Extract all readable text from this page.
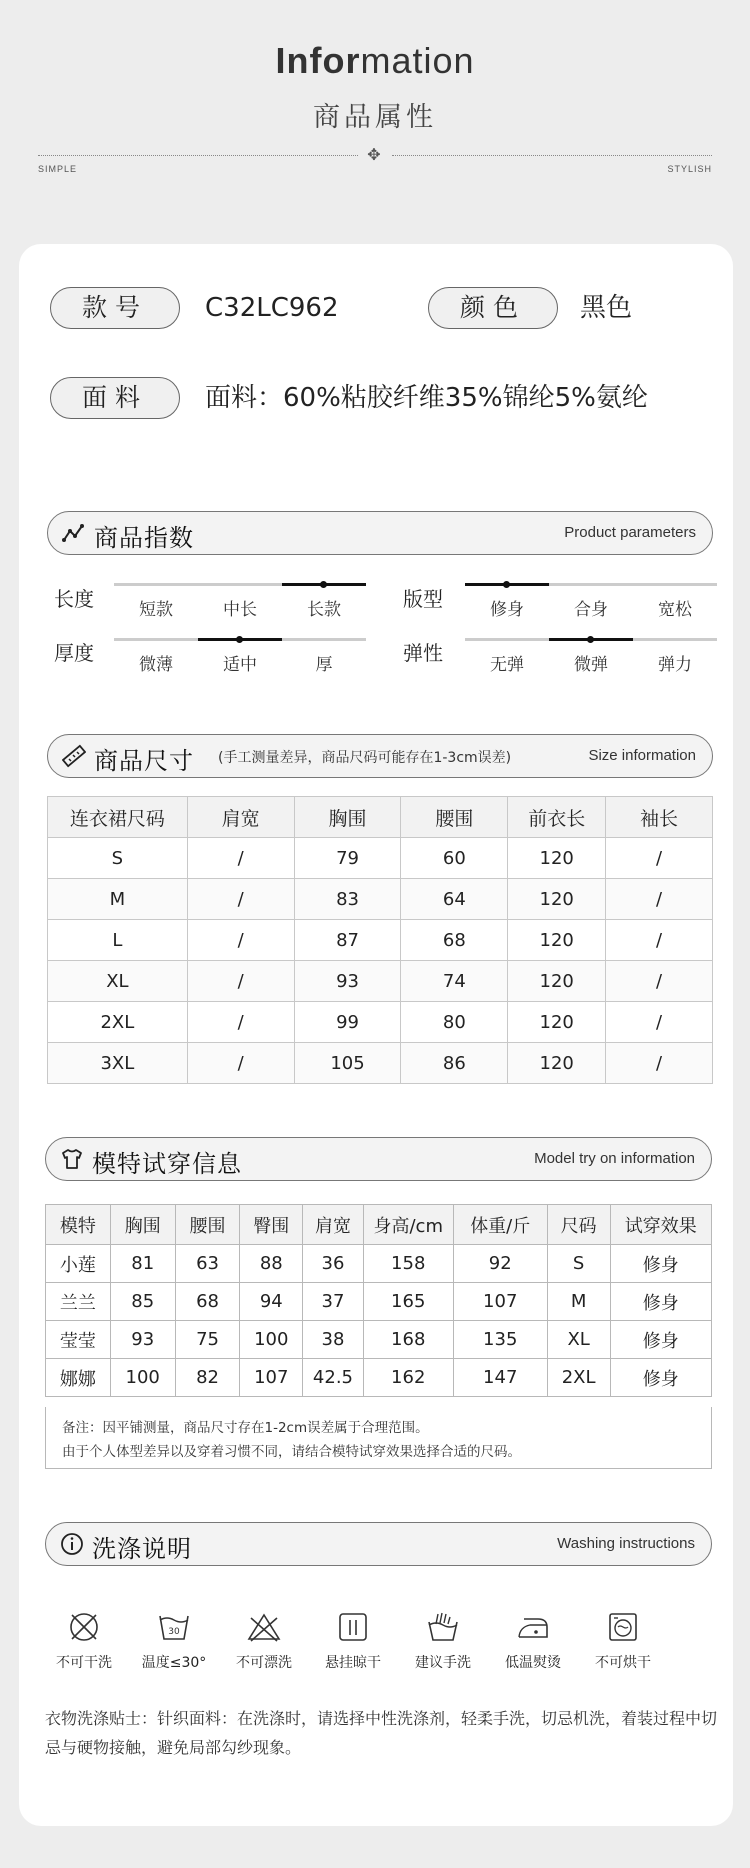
Information
商品属性
✥
SIMPLE	STYLISH
款号	C32LC962	颜色	黑色
面料	面料：60%粘胶纤维35%锦纶5%氨纶
商品指数	Product parameters
长度	短款	中长	长款	版型	修身	合身	宽松
厚度	微薄	适中	厚	弹性	无弹	微弹	弹力
商品尺寸 (手工测量差异，商品尺码可能存在1-3cm误差)	Size information
连衣裙尺码	肩宽	胸围	腰围	前衣长	袖长
S	/	79	60	120	/
M	/	83	64	120	/
L	/	87	68	120	/
XL	/	93	74	120	/
2XL	/	99	80	120	/
3XL	/	105	86	120	/
模特试穿信息	Model try on information
模特	胸围	腰围	臀围	肩宽	身高/cm	体重/斤	尺码	试穿效果
小莲	81	63	88	36	158	92	S	修身
兰兰	85	68	94	37	165	107	M	修身
莹莹	93	75	100	38	168	135	XL	修身
娜娜	100	82	107	42.5	162	147	2XL	修身
备注：因平铺测量，商品尺寸存在1-2cm误差属于合理范围。
由于个人体型差异以及穿着习惯不同，请结合模特试穿效果选择合适的尺码。
洗涤说明	Washing instructions
不可干洗
30
温度≤30°	不可漂洗	悬挂晾干	建议手洗	低温熨烫	不可烘干
衣物洗涤贴士：针织面料：在洗涤时，请选择中性洗涤剂，轻柔手洗，切忌机洗，着装过程中切忌与硬物接触，避免局部勾纱现象。
